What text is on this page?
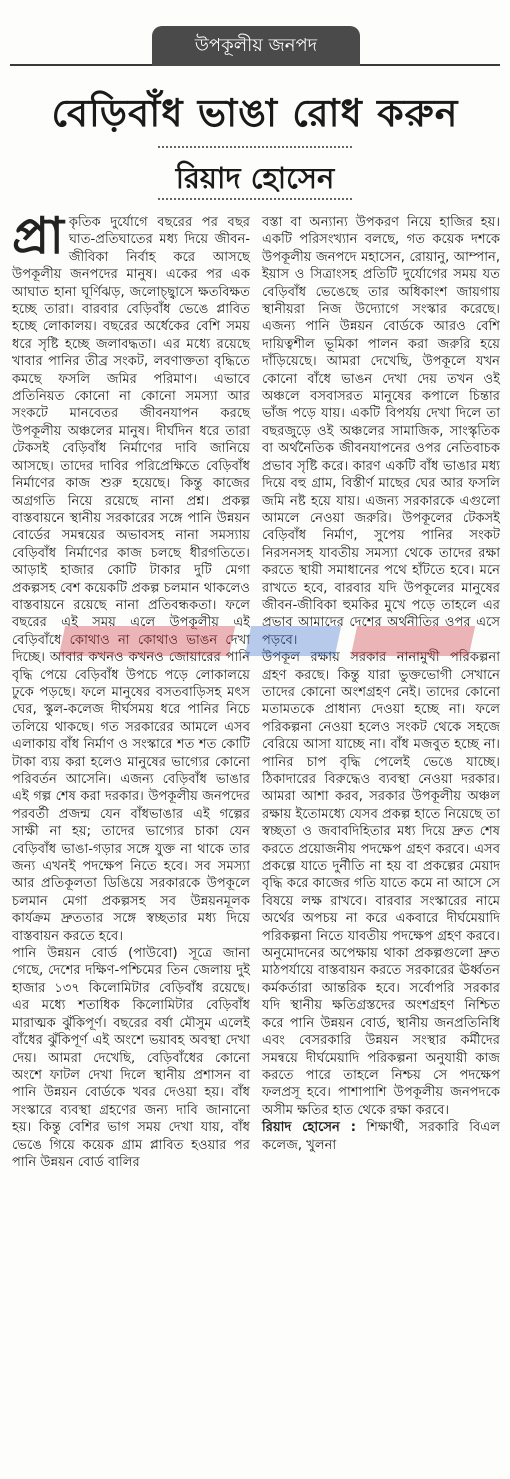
উপকূলীয় জনপদ
বেড়িবাঁধ ভাঙা রোধ করুন
রিয়াদ হোসেন

প্রা কৃতিক দুর্যোগে বছরের পর বছর ঘাত-প্রতিঘাতের মধ্য দিয়ে জীবন-জীবিকা নির্বাহ করে আসছে উপকূলীয় জনপদের মানুষ। একের পর এক আঘাত হানা ঘূর্ণিঝড়, জলোচ্ছ্বাসে ক্ষতবিক্ষত হচ্ছে তারা। বারবার বেড়িবাঁধ ভেঙে প্লাবিত হচ্ছে লোকালয়। বছরের অর্ধেকের বেশি সময় ধরে সৃষ্টি হচ্ছে জলাবদ্ধতা। এর মধ্যে রয়েছে খাবার পানির তীব্র সংকট, লবণাক্ততা বৃদ্ধিতে কমছে ফসলি জমির পরিমাণ। এভাবে প্রতিনিয়ত কোনো না কোনো সমস্যা আর সংকটে মানবেতর জীবনযাপন করছে উপকূলীয় অঞ্চলের মানুষ। দীর্ঘদিন ধরে তারা টেকসই বেড়িবাঁধ নির্মাণের দাবি জানিয়ে আসছে। তাদের দাবির পরিপ্রেক্ষিতে বেড়িবাঁধ নির্মাণের কাজ শুরু হয়েছে। কিন্তু কাজের অগ্রগতি নিয়ে রয়েছে নানা প্রশ্ন। প্রকল্প বাস্তবায়নে স্থানীয় সরকারের সঙ্গে পানি উন্নয়ন বোর্ডের সমন্বয়ের অভাবসহ নানা সমস্যায় বেড়িবাঁধ নির্মাণের কাজ চলছে ধীরগতিতে। আড়াই হাজার কোটি টাকার দুটি মেগা প্রকল্পসহ বেশ কয়েকটি প্রকল্প চলমান থাকলেও বাস্তবায়নে রয়েছে নানা প্রতিবন্ধকতা। ফলে বছরের এই সময় এলে উপকূলীয় এই বেড়িবাঁধে কোথাও না কোথাও ভাঙন দেখা দিচ্ছে। আবার কখনও কখনও জোয়ারের পানি বৃদ্ধি পেয়ে বেড়িবাঁধ উপচে পড়ে লোকালয়ে ঢুকে পড়ছে। ফলে মানুষের বসতবাড়িসহ মৎস ঘের, স্কুল-কলেজ দীর্ঘসময় ধরে পানির নিচে তলিয়ে থাকছে। গত সরকারের আমলে এসব এলাকায় বাঁধ নির্মাণ ও সংস্কারে শত শত কোটি টাকা ব্যয় করা হলেও মানুষের ভাগ্যের কোনো পরিবর্তন আসেনি। এজন্য বেড়িবাঁধ ভাঙার এই গল্প শেষ করা দরকার। উপকূলীয় জনপদের পরবর্তী প্রজন্ম যেন বাঁধভাঙার এই গল্পের সাক্ষী না হয়; তাদের ভাগ্যের চাকা যেন বেড়িবাঁধ ভাঙা-গড়ার সঙ্গে যুক্ত না থাকে তার জন্য এখনই পদক্ষেপ নিতে হবে। সব সমস্যা আর প্রতিকূলতা ডিঙিয়ে সরকারকে উপকূলে চলমান মেগা প্রকল্পসহ সব উন্নয়নমূলক কার্যক্রম দ্রুততার সঙ্গে স্বচ্ছতার মধ্য দিয়ে বাস্তবায়ন করতে হবে।

পানি উন্নয়ন বোর্ড (পাউবো) সূত্রে জানা গেছে, দেশের দক্ষিণ-পশ্চিমের তিন জেলায় দুই হাজার ১৩৭ কিলোমিটার বেড়িবাঁধ রয়েছে। এর মধ্যে শতাধিক কিলোমিটার বেড়িবাঁধ মারাত্মক ঝুঁকিপূর্ণ। বছরের বর্ষা মৌসুম এলেই বাঁধের ঝুঁকিপূর্ণ এই অংশে ভয়াবহ অবস্থা দেখা দেয়। আমরা দেখেছি, বেড়িবাঁধের কোনো অংশে ফাটল দেখা দিলে স্থানীয় প্রশাসন বা পানি উন্নয়ন বোর্ডকে খবর দেওয়া হয়। বাঁধ সংস্কারে ব্যবস্থা গ্রহণের জন্য দাবি জানানো হয়। কিন্তু বেশির ভাগ সময় দেখা যায়, বাঁধ ভেঙে গিয়ে কয়েক গ্রাম প্লাবিত হওয়ার পর পানি উন্নয়ন বোর্ড বালির

বস্তা বা অন্যান্য উপকরণ নিয়ে হাজির হয়। একটি পরিসংখ্যান বলছে, গত কয়েক দশকে উপকূলীয় জনপদে মহাসেন, রোয়ানু, আম্পান, ইয়াস ও সিত্রাংসহ প্রতিটি দুর্যোগের সময় যত বেড়িবাঁধ ভেঙেছে তার অধিকাংশ জায়গায় স্থানীয়রা নিজ উদ্যোগে সংস্কার করেছে। এজন্য পানি উন্নয়ন বোর্ডকে আরও বেশি দায়িত্বশীল ভূমিকা পালন করা জরুরি হয়ে দাঁড়িয়েছে। আমরা দেখেছি, উপকূলে যখন কোনো বাঁধে ভাঙন দেখা দেয় তখন ওই অঞ্চলে বসবাসরত মানুষের কপালে চিন্তার ভাঁজ পড়ে যায়। একটি বিপর্যয় দেখা দিলে তা বছরজুড়ে ওই অঞ্চলের সামাজিক, সাংস্কৃতিক বা অর্থনৈতিক জীবনযাপনের ওপর নেতিবাচক প্রভাব সৃষ্টি করে। কারণ একটি বাঁধ ভাঙার মধ্য দিয়ে বহু গ্রাম, বিস্তীর্ণ মাছের ঘের আর ফসলি জমি নষ্ট হয়ে যায়। এজন্য সরকারকে এগুলো আমলে নেওয়া জরুরি। উপকূলের টেকসই বেড়িবাঁধ নির্মাণ, সুপেয় পানির সংকট নিরসনসহ যাবতীয় সমস্যা থেকে তাদের রক্ষা করতে স্থায়ী সমাধানের পথে হাঁটতে হবে। মনে রাখতে হবে, বারবার যদি উপকূলের মানুষের জীবন-জীবিকা হুমকির মুখে পড়ে তাহলে এর প্রভাব আমাদের দেশের অর্থনীতির ওপর এসে পড়বে।

উপকূল রক্ষায় সরকার নানামুখী পরিকল্পনা গ্রহণ করছে। কিন্তু যারা ভুক্তভোগী সেখানে তাদের কোনো অংশগ্রহণ নেই। তাদের কোনো মতামতকে প্রাধান্য দেওয়া হচ্ছে না। ফলে পরিকল্পনা নেওয়া হলেও সংকট থেকে সহজে বেরিয়ে আসা যাচ্ছে না। বাঁধ মজবুত হচ্ছে না। পানির চাপ বৃদ্ধি পেলেই ভেঙে যাচ্ছে। ঠিকাদারের বিরুদ্ধেও ব্যবস্থা নেওয়া দরকার। আমরা আশা করব, সরকার উপকূলীয় অঞ্চল রক্ষায় ইতোমধ্যে যেসব প্রকল্প হাতে নিয়েছে তা স্বচ্ছতা ও জবাবদিহিতার মধ্য দিয়ে দ্রুত শেষ করতে প্রয়োজনীয় পদক্ষেপ গ্রহণ করবে। এসব প্রকল্পে যাতে দুর্নীতি না হয় বা প্রকল্পের মেয়াদ বৃদ্ধি করে কাজের গতি যাতে কমে না আসে সে বিষয়ে লক্ষ রাখবে। বারবার সংস্কারের নামে অর্থের অপচয় না করে একবারে দীর্ঘমেয়াদি পরিকল্পনা নিতে যাবতীয় পদক্ষেপ গ্রহণ করবে। অনুমোদনের অপেক্ষায় থাকা প্রকল্পগুলো দ্রুত মাঠপর্যায়ে বাস্তবায়ন করতে সরকারের ঊর্ধ্বতন কর্মকর্তারা আন্তরিক হবে। সর্বোপরি সরকার যদি স্থানীয় ক্ষতিগ্রস্তদের অংশগ্রহণ নিশ্চিত করে পানি উন্নয়ন বোর্ড, স্থানীয় জনপ্রতিনিধি এবং বেসরকারি উন্নয়ন সংস্থার কর্মীদের সমন্বয়ে দীর্ঘমেয়াদি পরিকল্পনা অনুযায়ী কাজ করতে পারে তাহলে নিশ্চয় সে পদক্ষেপ ফলপ্রসূ হবে। পাশাপাশি উপকূলীয় জনপদকে অসীম ক্ষতির হাত থেকে রক্ষা করবে।

রিয়াদ হোসেন : শিক্ষার্থী, সরকারি বিএল কলেজ, খুলনা
